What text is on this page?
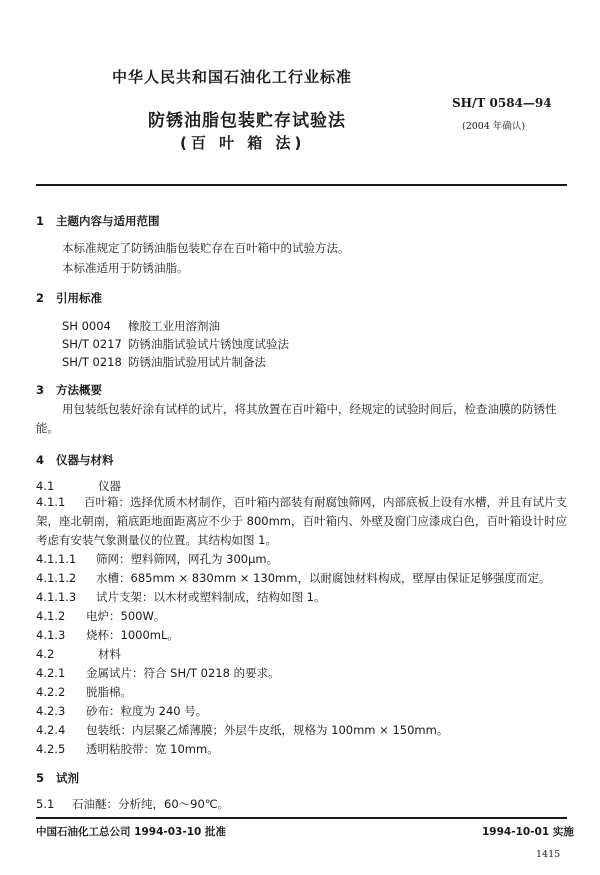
中华人民共和国石油化工行业标准
SH/T 0584—94
(2004 年确认)
防锈油脂包装贮存试验法
(百 叶 箱 法)
1 主题内容与适用范围
本标准规定了防锈油脂包装贮存在百叶箱中的试验方法。
本标准适用于防锈油脂。
2 引用标准
SH 0004 橡胶工业用溶剂油
SH/T 0217 防锈油脂试验试片锈蚀度试验法
SH/T 0218 防锈油脂试验用试片制备法
3 方法概要
用包装纸包装好涂有试样的试片，将其放置在百叶箱中，经规定的试验时间后，检查油膜的防锈性能。
4 仪器与材料
4.1	仪器
4.1.1 百叶箱：选择优质木材制作，百叶箱内部装有耐腐蚀筛网，内部底板上设有水槽，并且有试片支架，座北朝南，箱底距地面距离应不少于 800mm，百叶箱内、外壁及窗门应漆成白色，百叶箱设计时应考虑有安装气象测量仪的位置。其结构如图 1。
4.1.1.1 筛网：塑料筛网，网孔为 300μm。
4.1.1.2 水槽：685mm × 830mm × 130mm，以耐腐蚀材料构成，壁厚由保证足够强度而定。
4.1.1.3 试片支架：以木材或塑料制成，结构如图 1。
4.1.2 电炉：500W。
4.1.3 烧杯：1000mL。
4.2	材料
4.2.1 金属试片：符合 SH/T 0218 的要求。
4.2.2 脱脂棉。
4.2.3 砂布：粒度为 240 号。
4.2.4 包装纸：内层聚乙烯薄膜；外层牛皮纸，规格为 100mm × 150mm。
4.2.5 透明粘胶带：宽 10mm。
5 试剂
5.1 石油醚：分析纯，60～90℃。
中国石油化工总公司 1994-03-10 批准	1994-10-01 实施
1415
